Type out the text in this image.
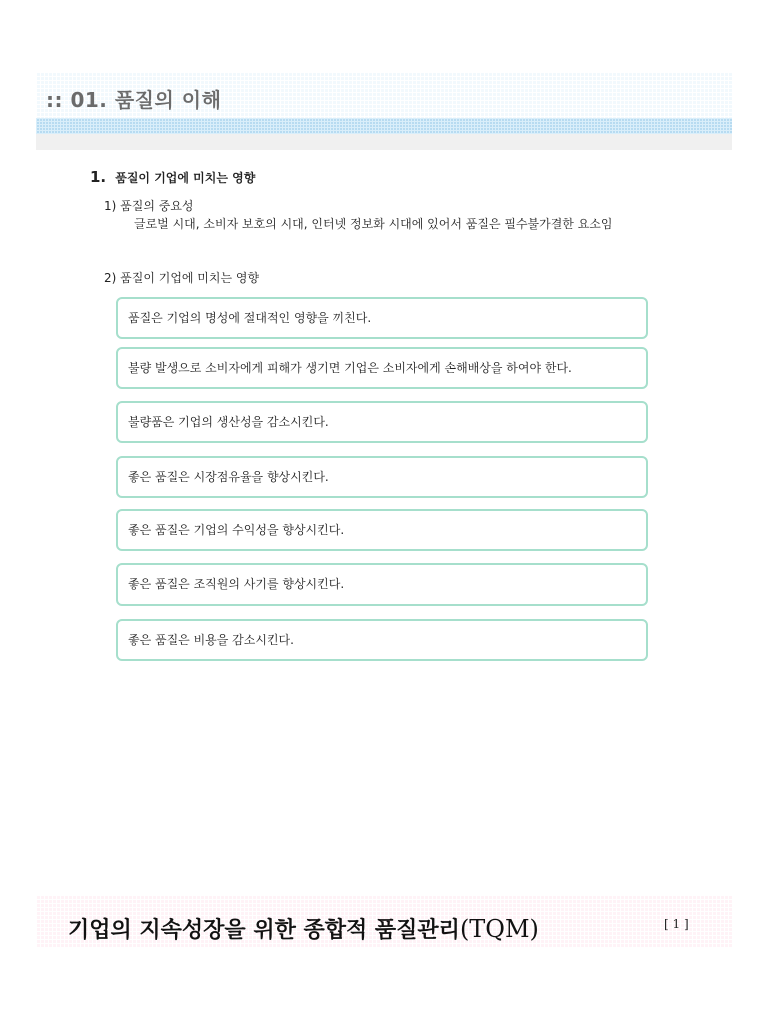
:: 01. 품질의 이해
1. 품질이 기업에 미치는 영향
1) 품질의 중요성
글로벌 시대, 소비자 보호의 시대, 인터넷 정보화 시대에 있어서 품질은 필수불가결한 요소임
2) 품질이 기업에 미치는 영향
품질은 기업의 명성에 절대적인 영향을 끼친다.
불량 발생으로 소비자에게 피해가 생기면 기업은 소비자에게 손해배상을 하여야 한다.
불량품은 기업의 생산성을 감소시킨다.
좋은 품질은 시장점유율을 향상시킨다.
좋은 품질은 기업의 수익성을 향상시킨다.
좋은 품질은 조직원의 사기를 향상시킨다.
좋은 품질은 비용을 감소시킨다.
기업의 지속성장을 위한 종합적 품질관리(TQM)	[ 1 ]
